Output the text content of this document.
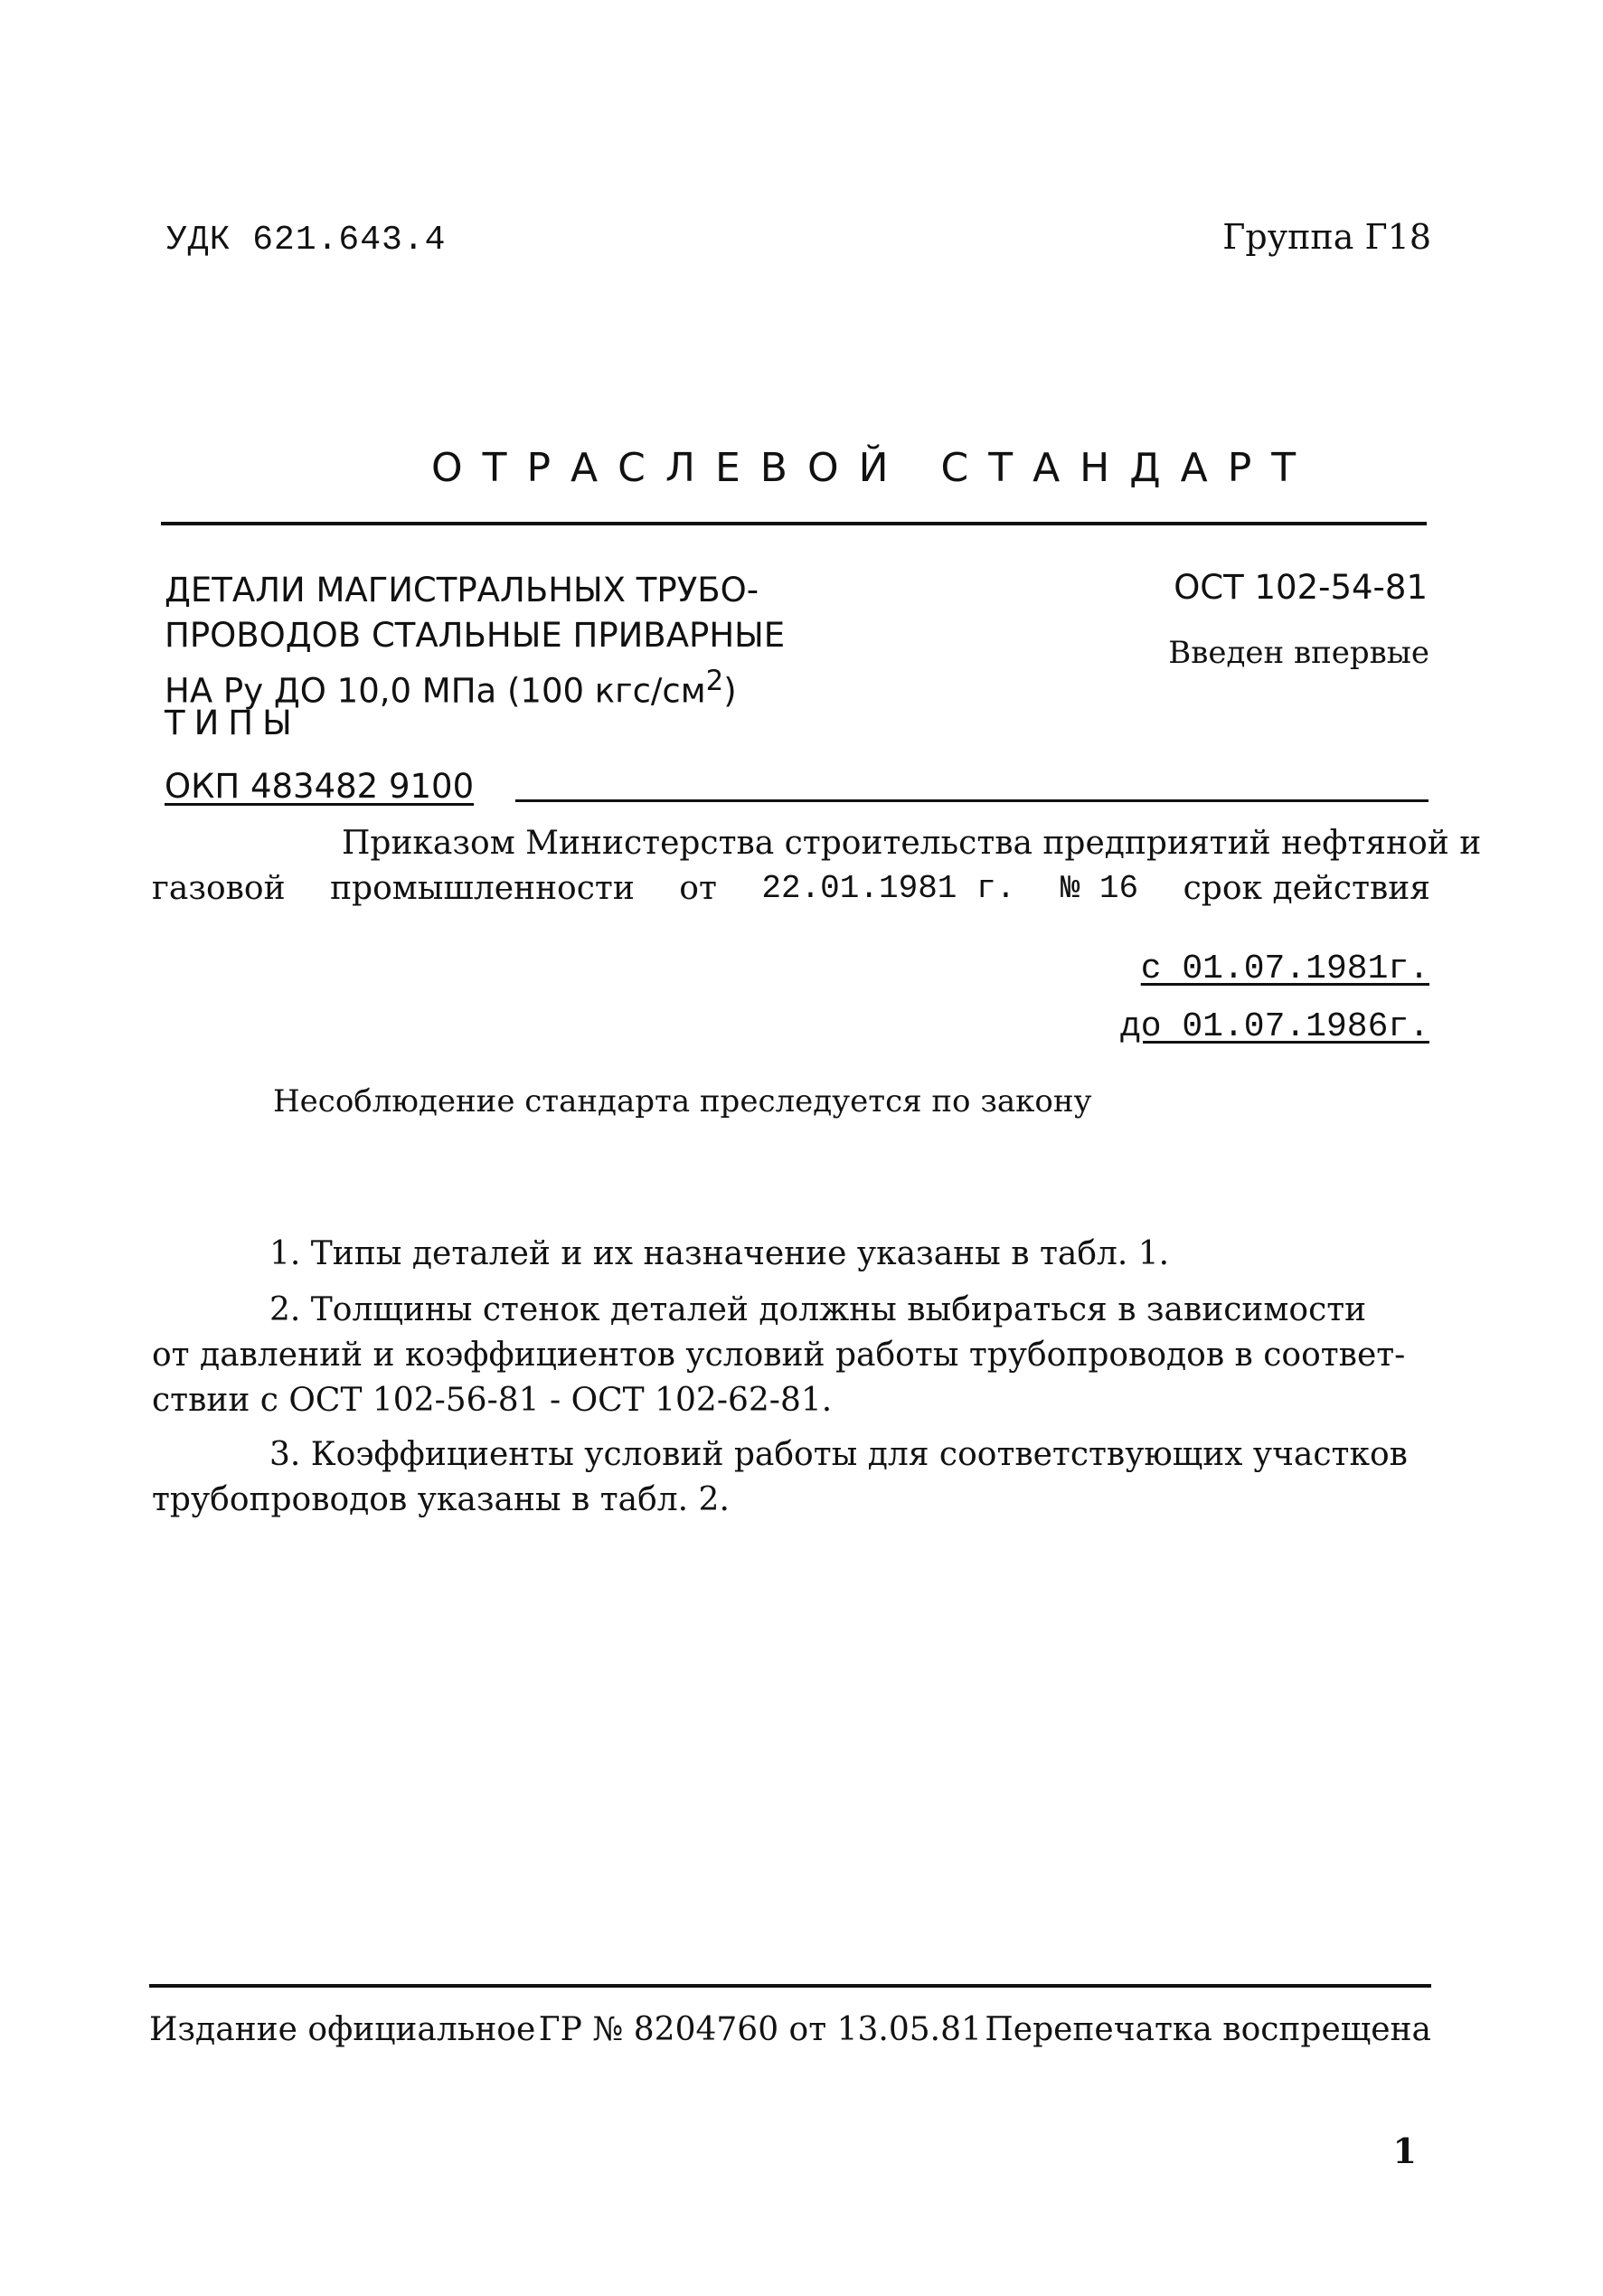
УДК 621.643.4	Группа Г18
ОТРАСЛЕВОЙ СТАНДАРТ
ДЕТАЛИ МАГИСТРАЛЬНЫХ ТРУБО-
ПРОВОДОВ СТАЛЬНЫЕ ПРИВАРНЫЕ
НА Ру ДО 10,0 МПа (100 кгс/$см^2$)
ТИПЫ
ОКП 483482 9100
ОСТ 102-54-81
Введен впервые
Приказом Министерства строительства предприятий нефтяной и
газовой промышленности от 22.01.1981 г. № 16 срок действия
с 01.07.1981г.
до 01.07.1986г.
Несоблюдение стандарта преследуется по закону
1. Типы деталей и их назначение указаны в табл. 1.
2. Толщины стенок деталей должны выбираться в зависимости
от давлений и коэффициентов условий работы трубопроводов в соответ-
ствии с ОСТ 102-56-81 - ОСТ 102-62-81.
3. Коэффициенты условий работы для соответствующих участков
трубопроводов указаны в табл. 2.
Издание официальное ГР № 8204760 от 13.05.81 Перепечатка воспрещена
1
